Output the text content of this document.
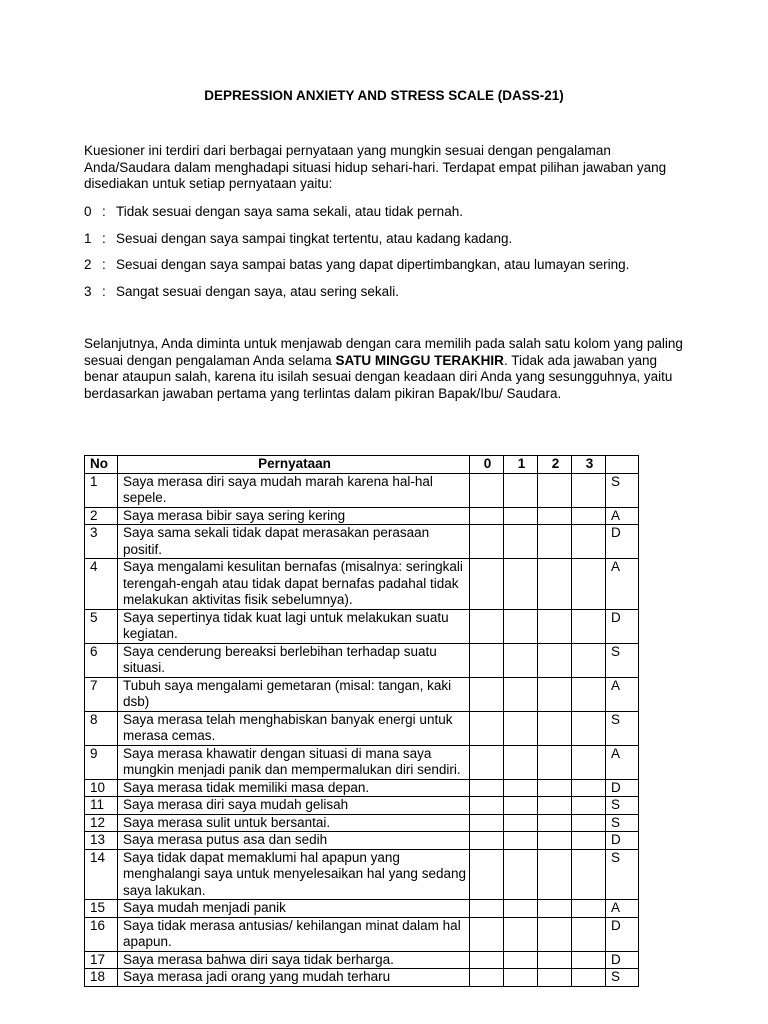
DEPRESSION ANXIETY AND STRESS SCALE (DASS-21)
Kuesioner ini terdiri dari berbagai pernyataan yang mungkin sesuai dengan pengalaman Anda/Saudara dalam menghadapi situasi hidup sehari-hari. Terdapat empat pilihan jawaban yang disediakan untuk setiap pernyataan yaitu:
0 : Tidak sesuai dengan saya sama sekali, atau tidak pernah.
1 : Sesuai dengan saya sampai tingkat tertentu, atau kadang kadang.
2 : Sesuai dengan saya sampai batas yang dapat dipertimbangkan, atau lumayan sering.
3 : Sangat sesuai dengan saya, atau sering sekali.
Selanjutnya, Anda diminta untuk menjawab dengan cara memilih pada salah satu kolom yang paling sesuai dengan pengalaman Anda selama SATU MINGGU TERAKHIR. Tidak ada jawaban yang benar ataupun salah, karena itu isilah sesuai dengan keadaan diri Anda yang sesungguhnya, yaitu berdasarkan jawaban pertama yang terlintas dalam pikiran Bapak/Ibu/ Saudara.
No	Pernyataan	0	1	2	3	
1	Saya merasa diri saya mudah marah karena hal-hal sepele.					S
2	Saya merasa bibir saya sering kering					A
3	Saya sama sekali tidak dapat merasakan perasaan positif.					D
4	Saya mengalami kesulitan bernafas (misalnya: seringkali terengah-engah atau tidak dapat bernafas padahal tidak melakukan aktivitas fisik sebelumnya).					A
5	Saya sepertinya tidak kuat lagi untuk melakukan suatu kegiatan.					D
6	Saya cenderung bereaksi berlebihan terhadap suatu situasi.					S
7	Tubuh saya mengalami gemetaran (misal: tangan, kaki dsb)					A
8	Saya merasa telah menghabiskan banyak energi untuk merasa cemas.					S
9	Saya merasa khawatir dengan situasi di mana saya mungkin menjadi panik dan mempermalukan diri sendiri.					A
10	Saya merasa tidak memiliki masa depan.					D
11	Saya merasa diri saya mudah gelisah					S
12	Saya merasa sulit untuk bersantai.					S
13	Saya merasa putus asa dan sedih					D
14	Saya tidak dapat memaklumi hal apapun yang menghalangi saya untuk menyelesaikan hal yang sedang saya lakukan.					S
15	Saya mudah menjadi panik					A
16	Saya tidak merasa antusias/ kehilangan minat dalam hal apapun.					D
17	Saya merasa bahwa diri saya tidak berharga.					D
18	Saya merasa jadi orang yang mudah terharu					S
